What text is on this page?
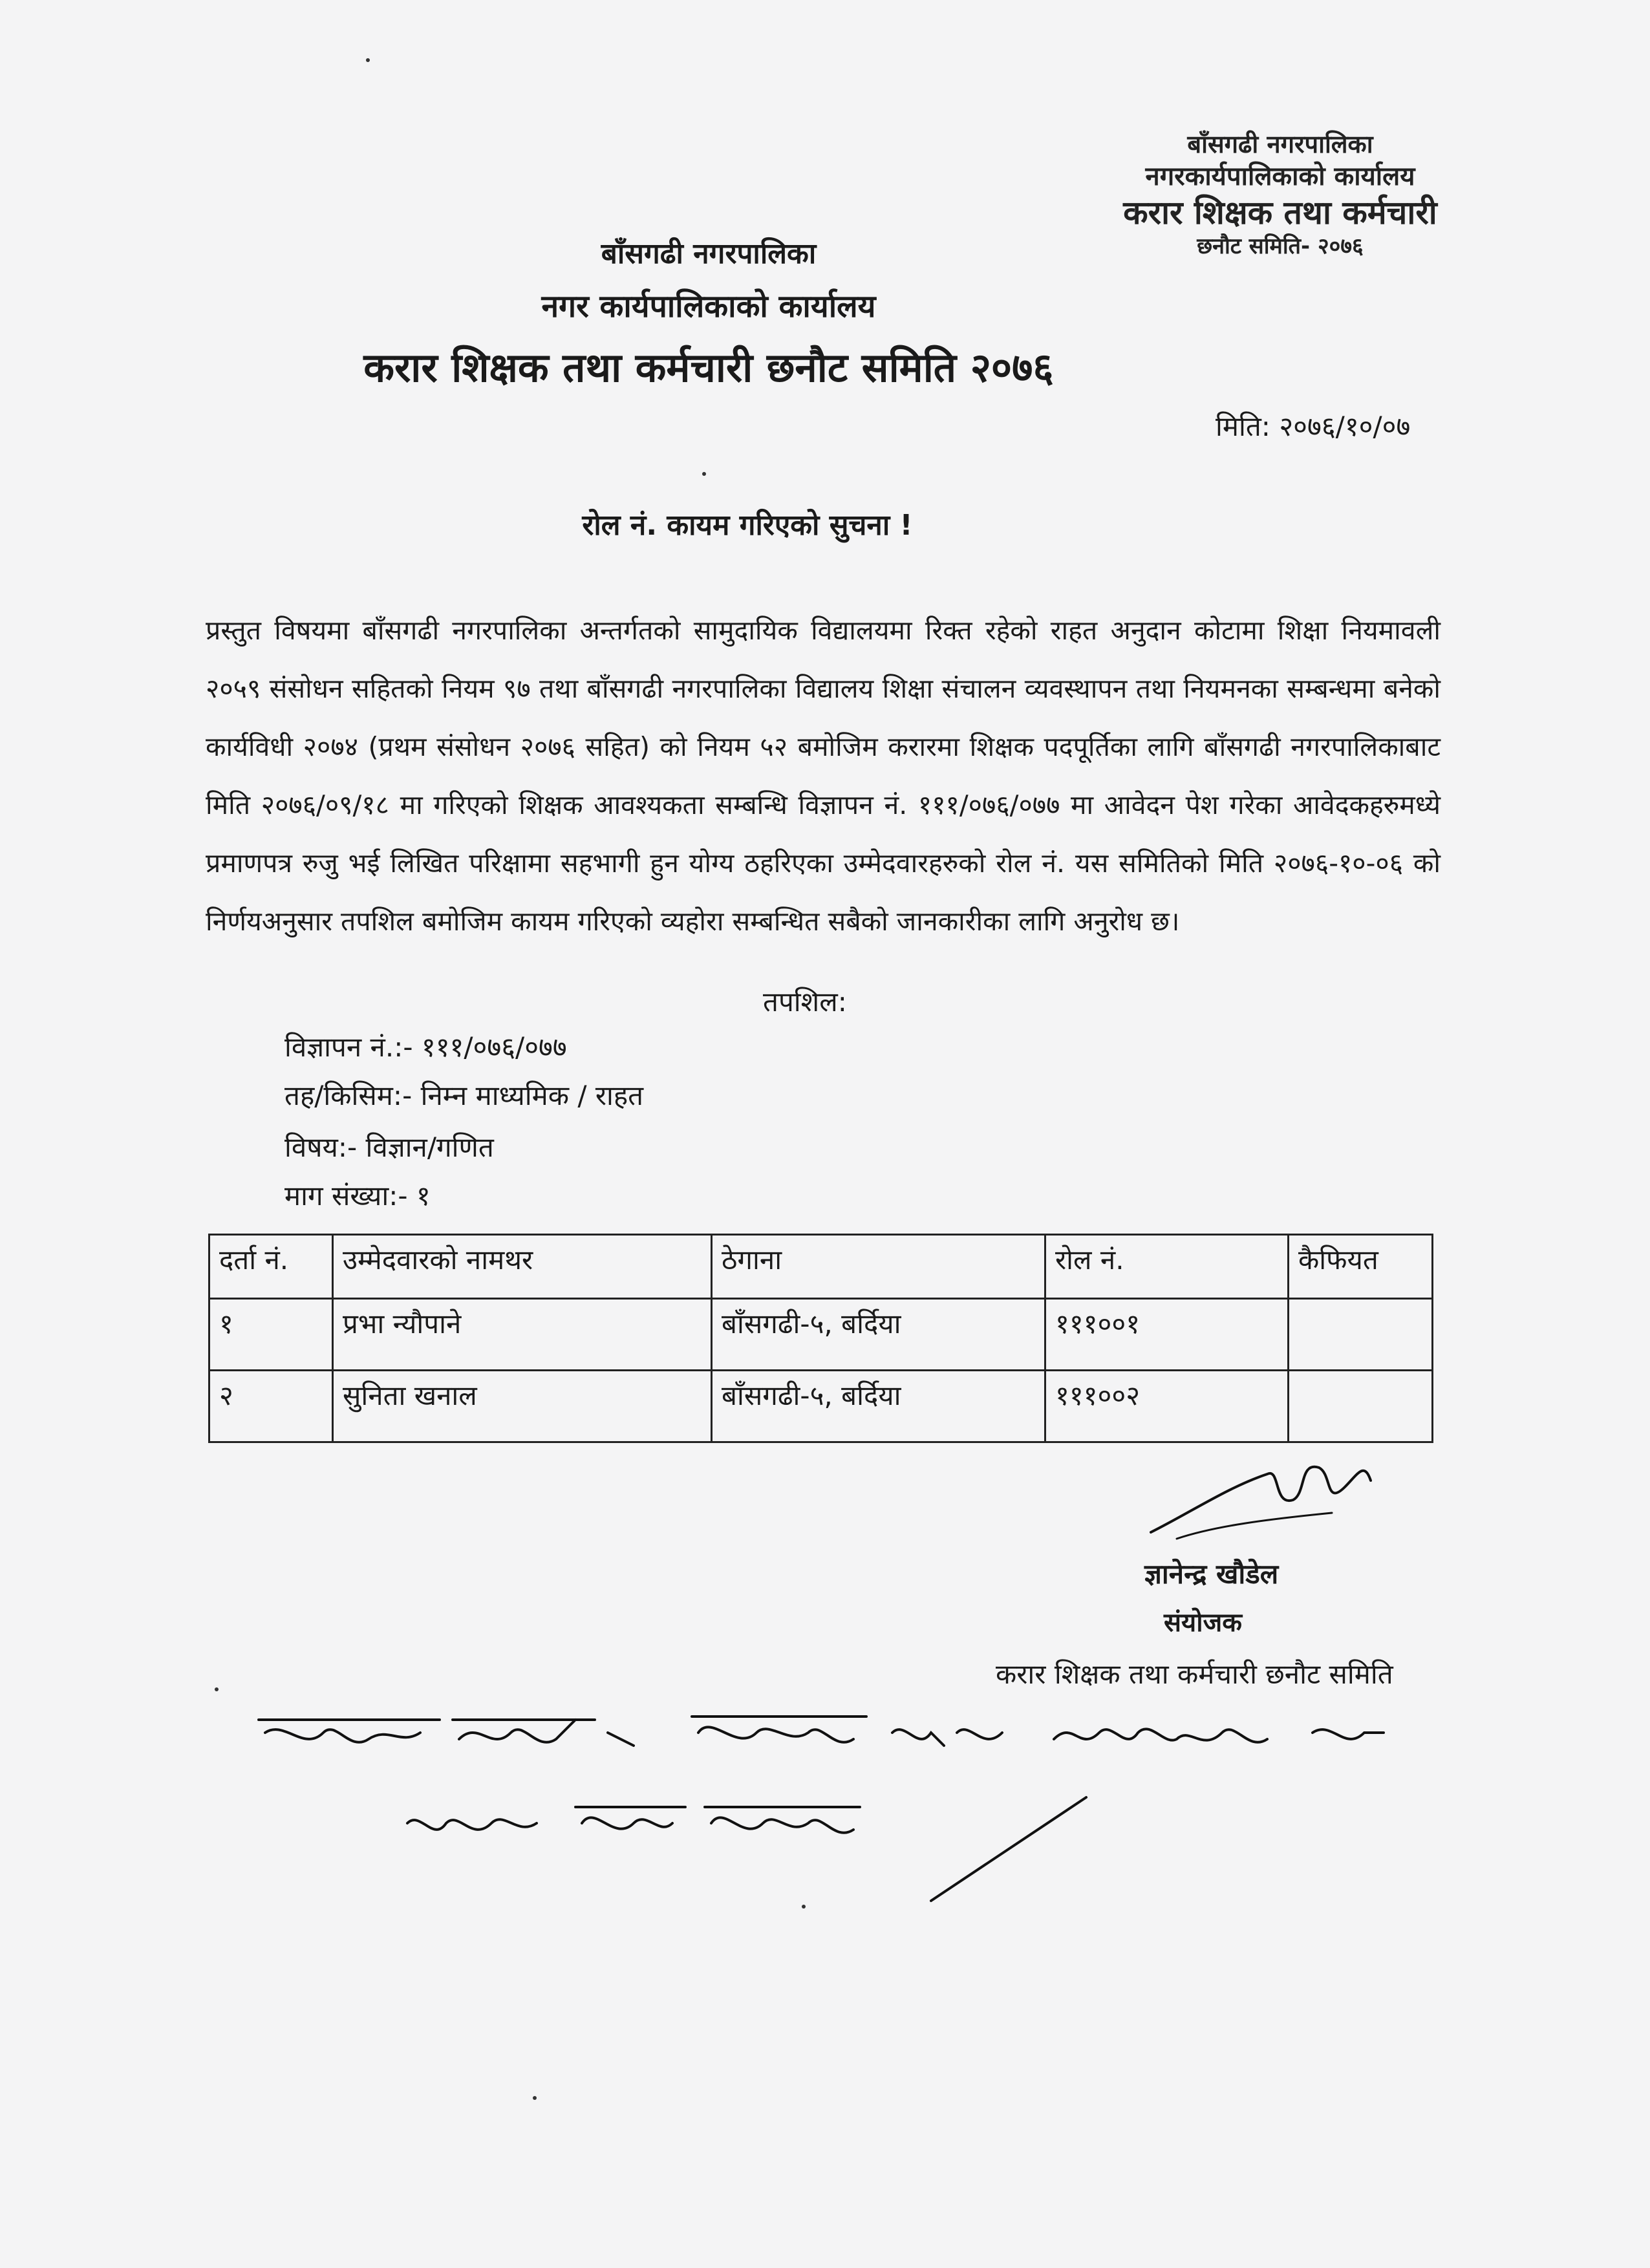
बाँसगढी नगरपालिका
नगरकार्यपालिकाको कार्यालय
करार शिक्षक तथा कर्मचारी
छनौट समिति- २०७६
बाँसगढी नगरपालिका
नगर कार्यपालिकाको कार्यालय
करार शिक्षक तथा कर्मचारी छनौट समिति २०७६
मिति: २०७६/१०/०७
रोल नं. कायम गरिएको सुचना !
प्रस्तुत विषयमा बाँसगढी नगरपालिका अन्तर्गतको सामुदायिक विद्यालयमा रिक्त रहेको राहत अनुदान कोटामा शिक्षा नियमावली २०५९ संसोधन सहितको नियम ९७ तथा बाँसगढी नगरपालिका विद्यालय शिक्षा संचालन व्यवस्थापन तथा नियमनका सम्बन्धमा बनेको कार्यविधी २०७४ (प्रथम संसोधन २०७६ सहित) को नियम ५२ बमोजिम करारमा शिक्षक पदपूर्तिका लागि बाँसगढी नगरपालिकाबाट मिति २०७६/०९/१८ मा गरिएको शिक्षक आवश्यकता सम्बन्धि विज्ञापन नं. १११/०७६/०७७ मा आवेदन पेश गरेका आवेदकहरुमध्ये प्रमाणपत्र रुजु भई लिखित परिक्षामा सहभागी हुन योग्य ठहरिएका उम्मेदवारहरुको रोल नं. यस समितिको मिति २०७६-१०-०६ को निर्णयअनुसार तपशिल बमोजिम कायम गरिएको व्यहोरा सम्बन्धित सबैको जानकारीका लागि अनुरोध छ।
तपशिल:
विज्ञापन नं.:- १११/०७६/०७७
तह/किसिम:- निम्न माध्यमिक / राहत
विषय:- विज्ञान/गणित
माग संख्या:- १
दर्ता नं.	उम्मेदवारको नामथर	ठेगाना	रोल नं.	कैफियत
१	प्रभा न्यौपाने	बाँसगढी-५, बर्दिया	१११००१	
२	सुनिता खनाल	बाँसगढी-५, बर्दिया	१११००२	
ज्ञानेन्द्र खौडेल
संयोजक
करार शिक्षक तथा कर्मचारी छनौट समिति
